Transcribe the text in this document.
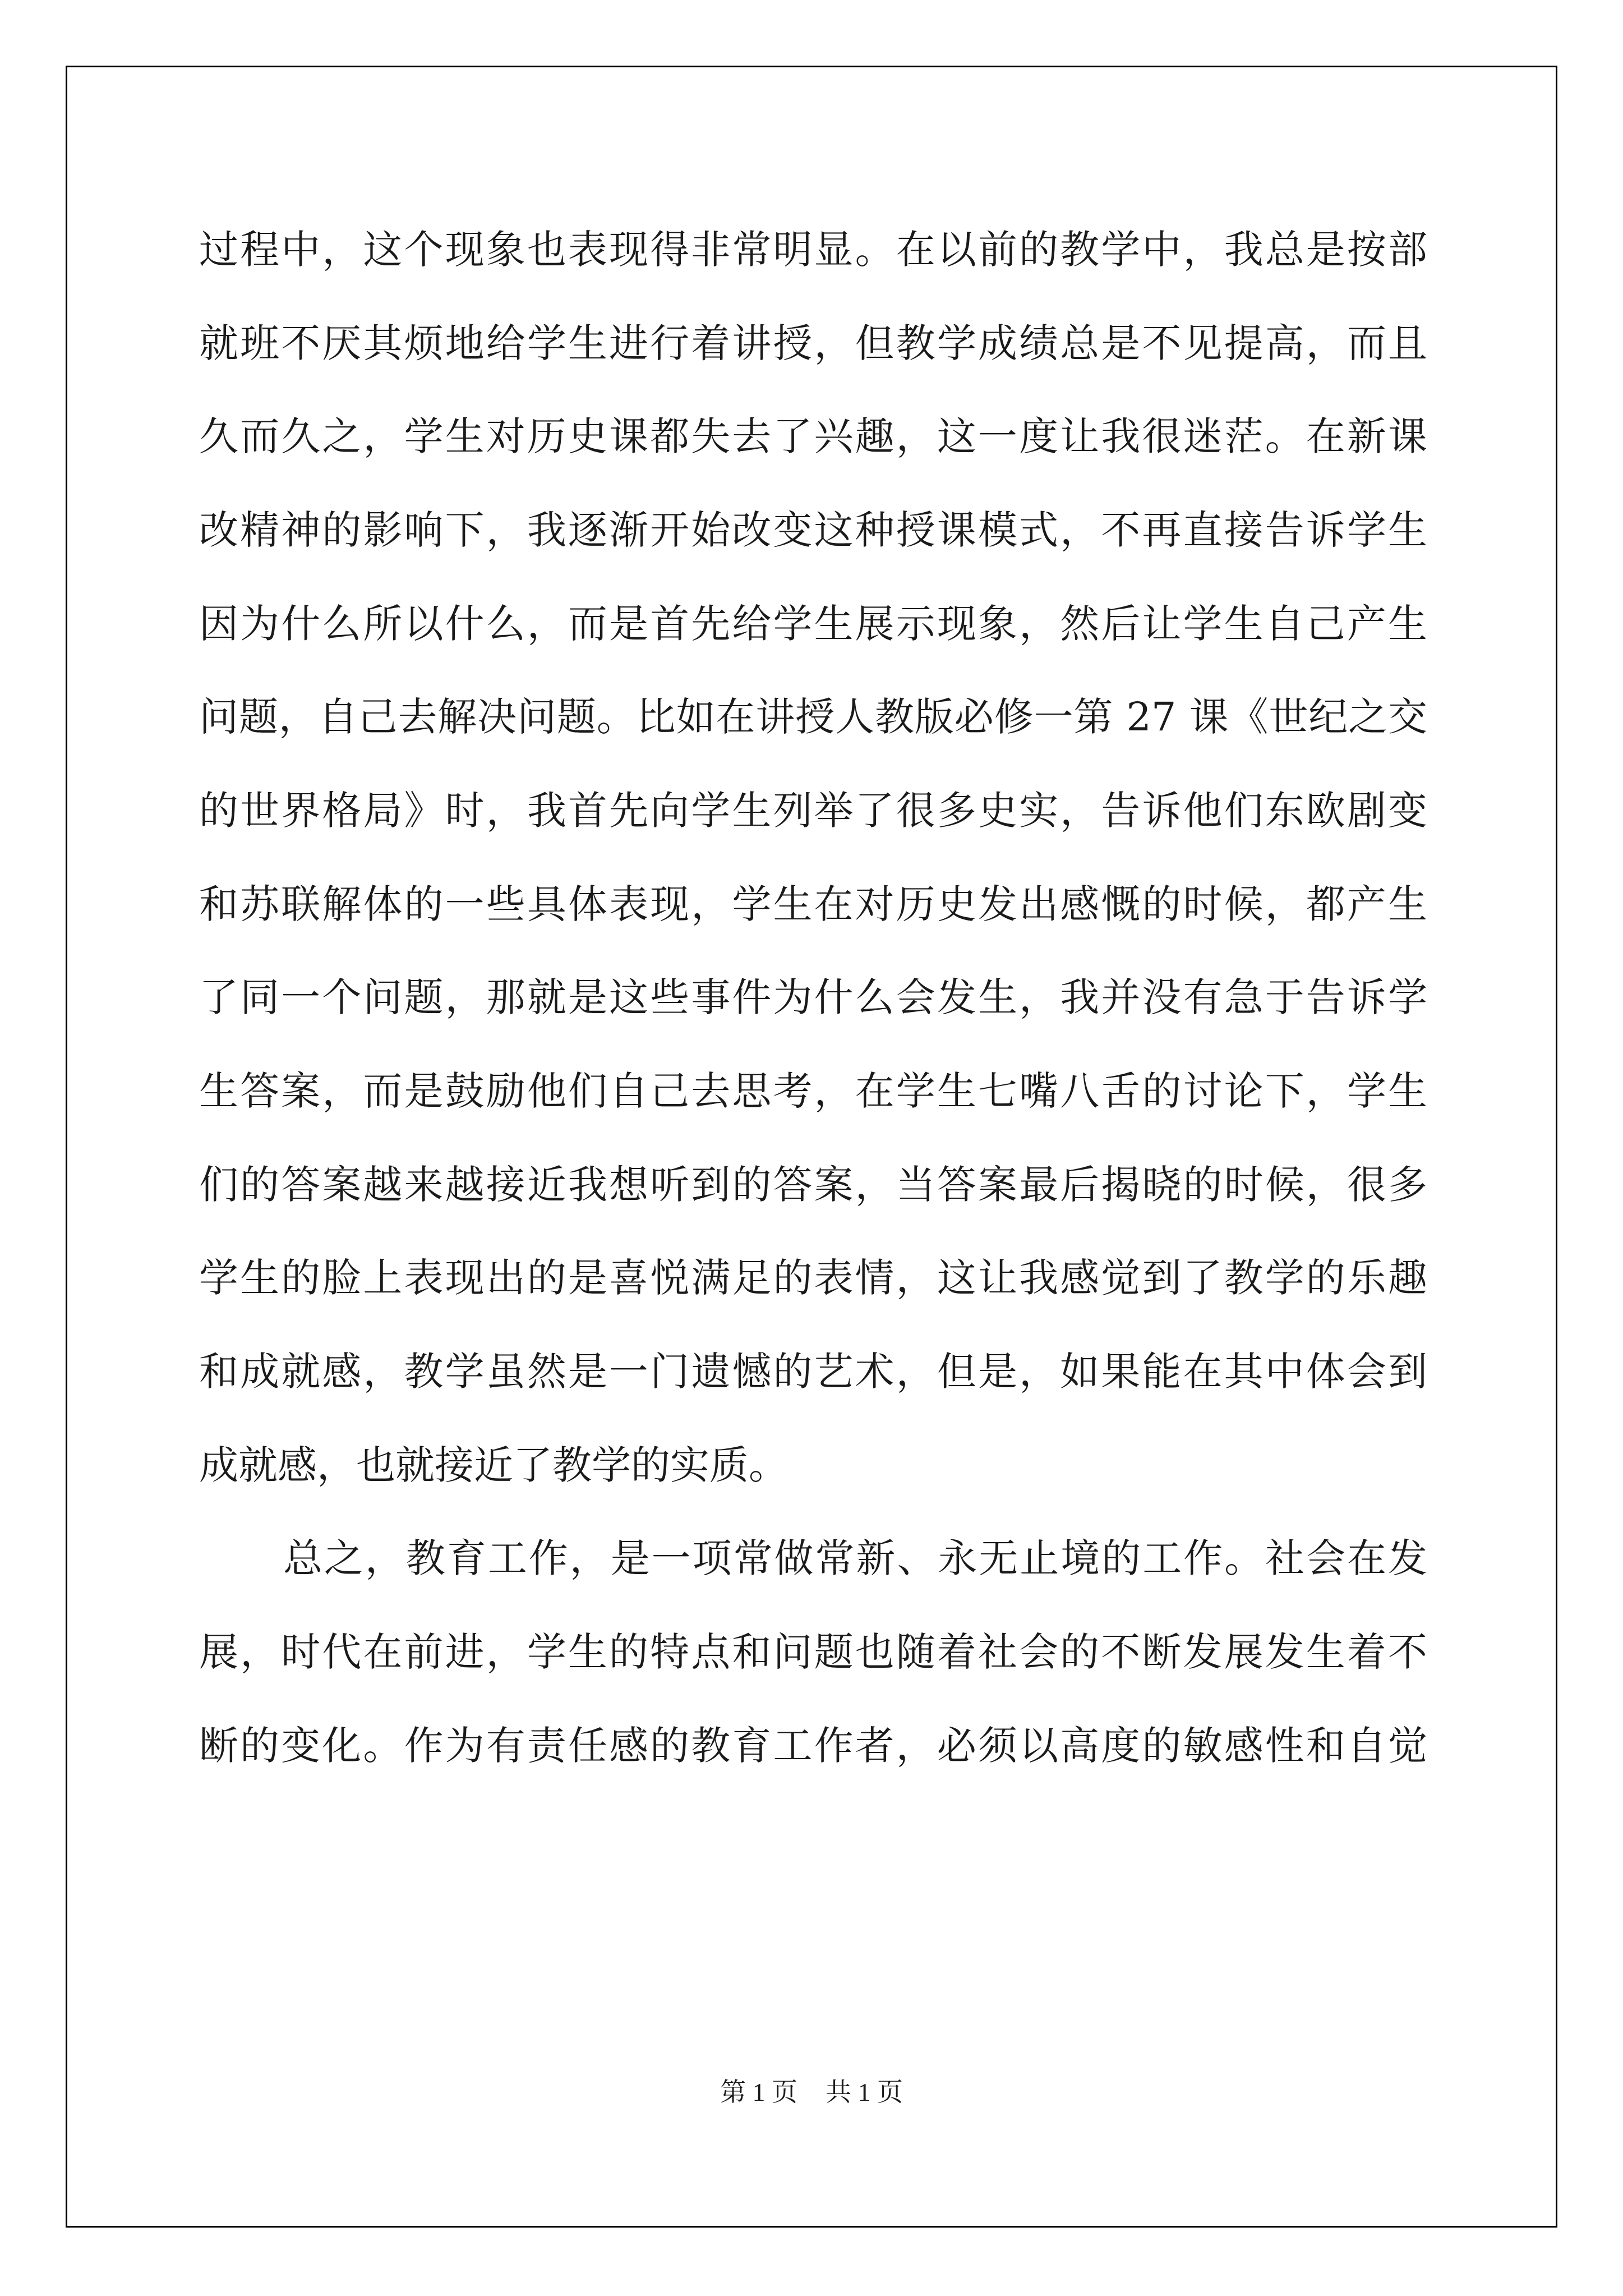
过程中，这个现象也表现得非常明显。在以前的教学中，我总是按部
就班不厌其烦地给学生进行着讲授，但教学成绩总是不见提高，而且
久而久之，学生对历史课都失去了兴趣，这一度让我很迷茫。在新课
改精神的影响下，我逐渐开始改变这种授课模式，不再直接告诉学生
因为什么所以什么，而是首先给学生展示现象，然后让学生自己产生
问题，自己去解决问题。比如在讲授人教版必修一第 27 课《世纪之交
的世界格局》时，我首先向学生列举了很多史实，告诉他们东欧剧变
和苏联解体的一些具体表现，学生在对历史发出感慨的时候，都产生
了同一个问题，那就是这些事件为什么会发生，我并没有急于告诉学
生答案，而是鼓励他们自己去思考，在学生七嘴八舌的讨论下，学生
们的答案越来越接近我想听到的答案，当答案最后揭晓的时候，很多
学生的脸上表现出的是喜悦满足的表情，这让我感觉到了教学的乐趣
和成就感，教学虽然是一门遗憾的艺术，但是，如果能在其中体会到
成就感，也就接近了教学的实质。
总之，教育工作，是一项常做常新、永无止境的工作。社会在发
展，时代在前进，学生的特点和问题也随着社会的不断发展发生着不
断的变化。作为有责任感的教育工作者，必须以高度的敏感性和自觉
第 1 页 共 1 页
